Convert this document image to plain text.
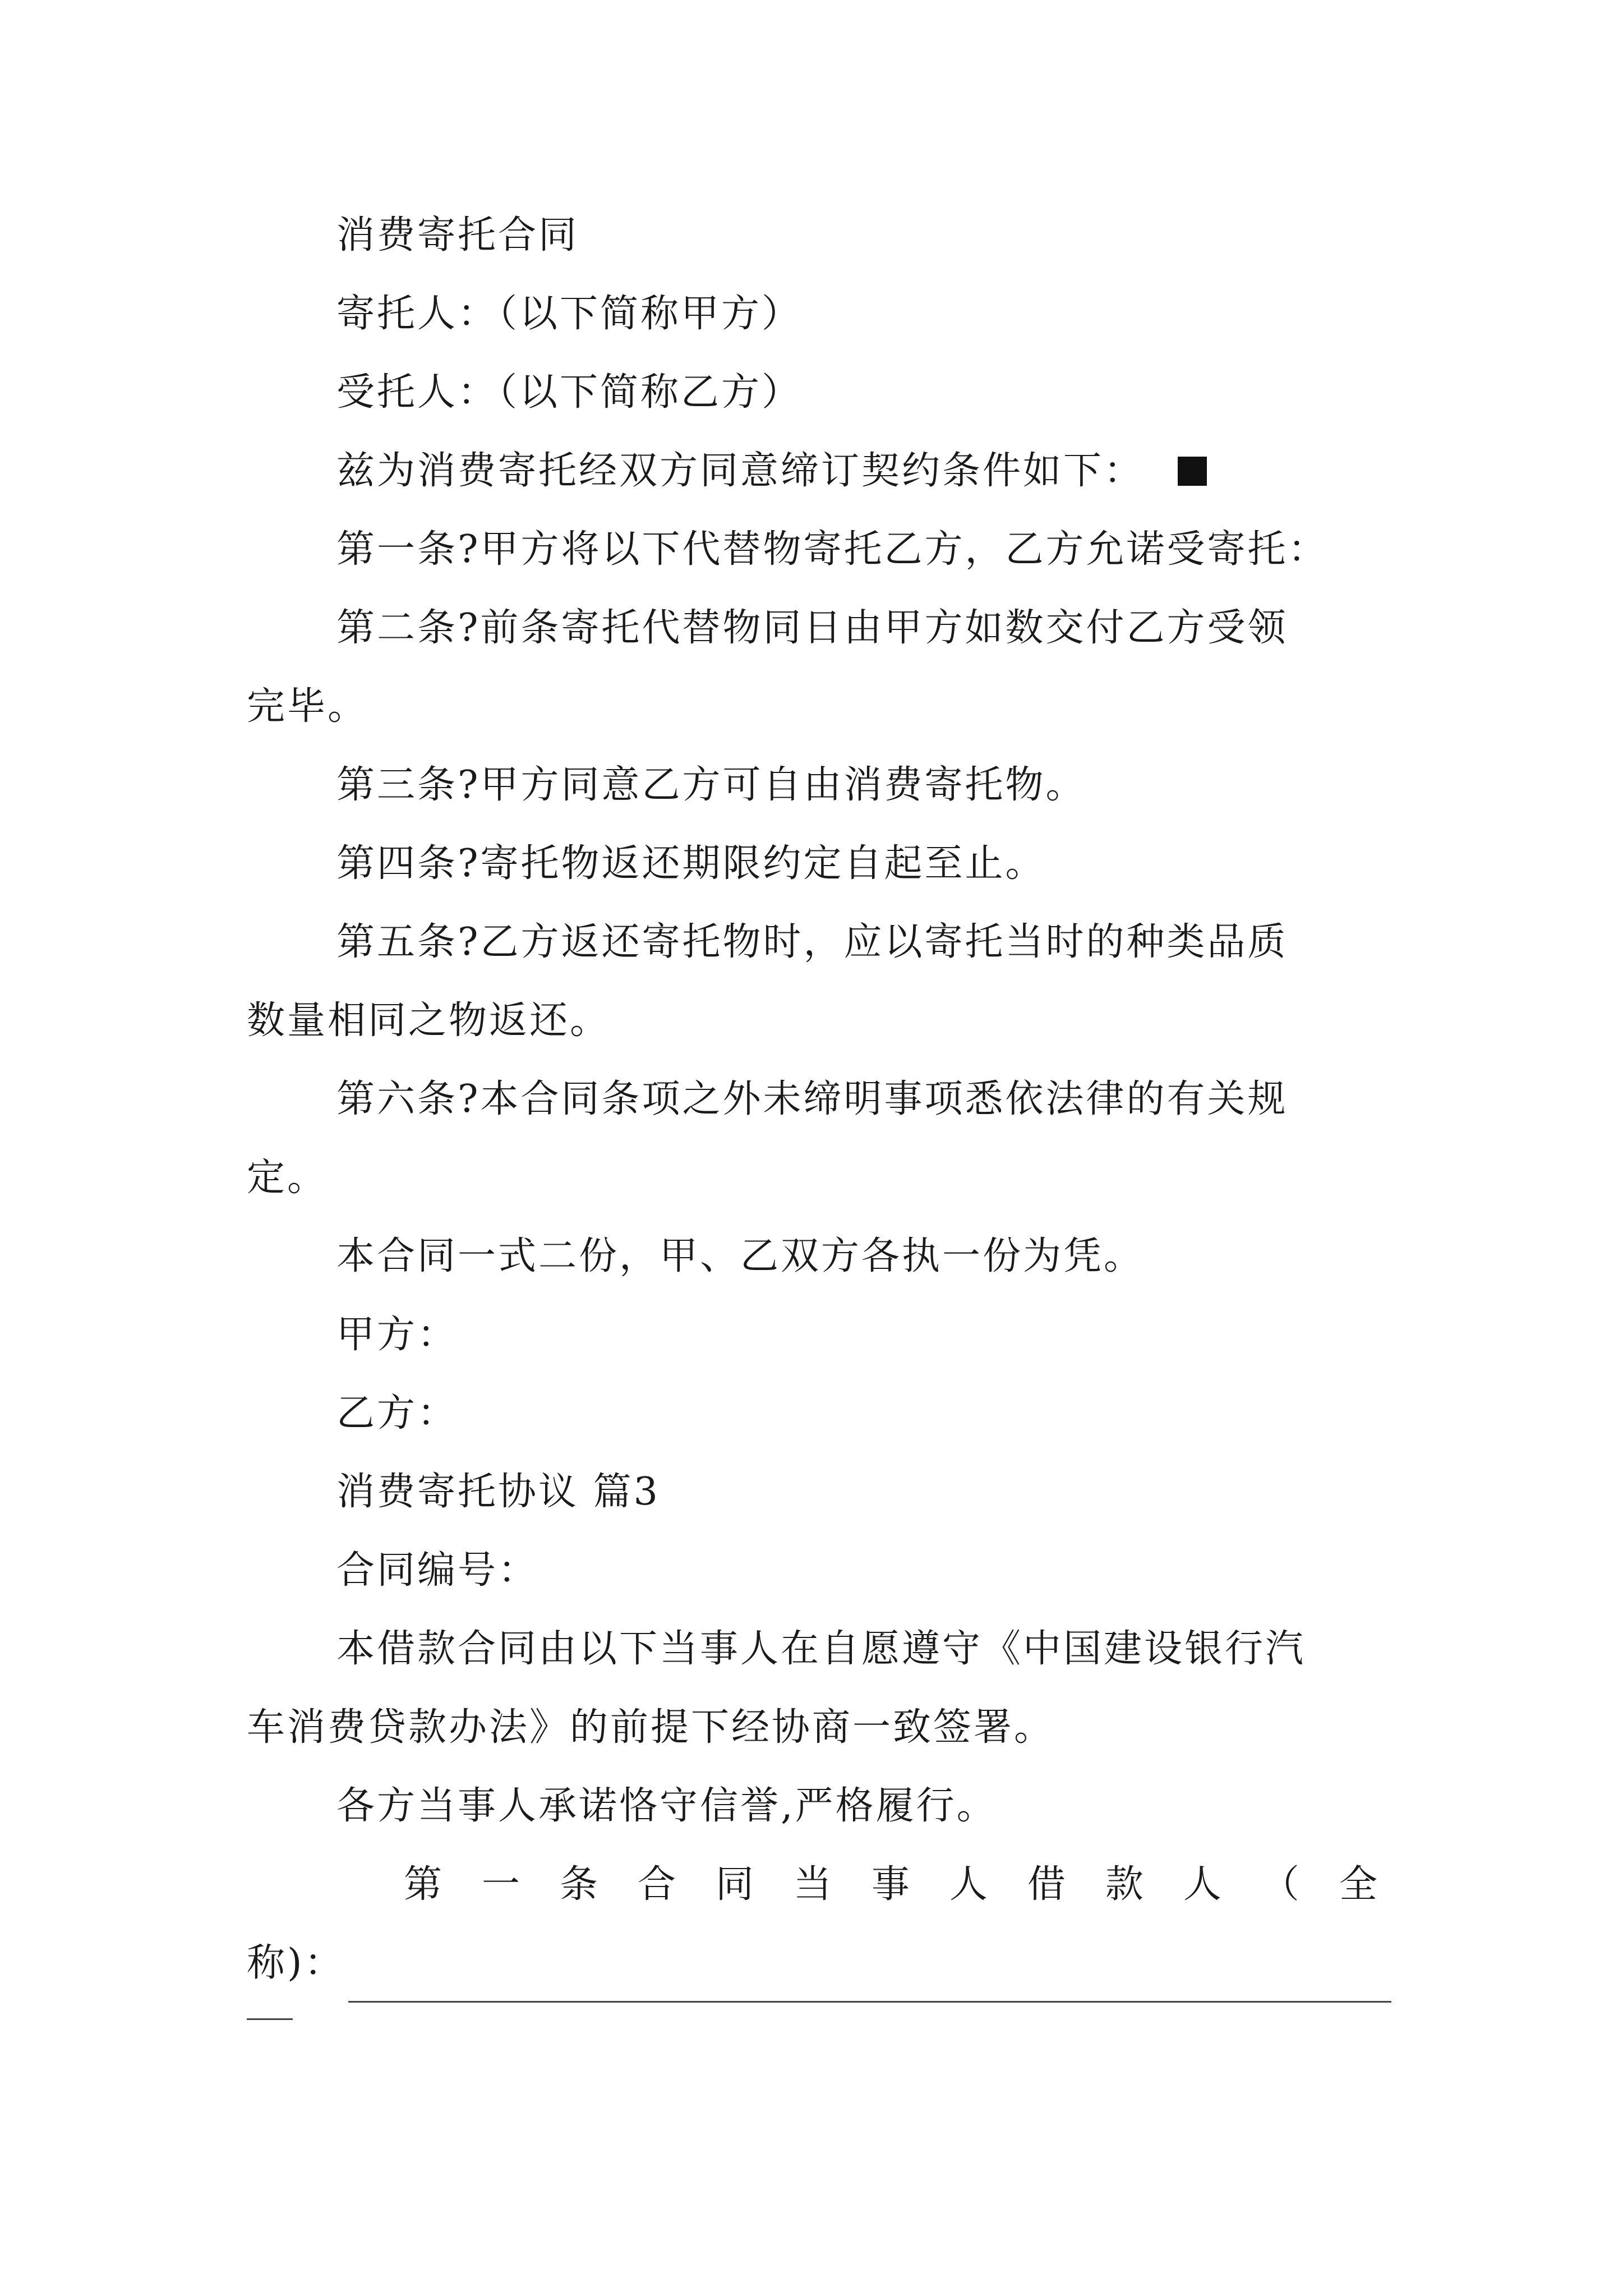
消费寄托合同
寄托人：（以下简称甲方）
受托人：（以下简称乙方）
兹为消费寄托经双方同意缔订契约条件如下：
第一条?甲方将以下代替物寄托乙方，乙方允诺受寄托：
第二条?前条寄托代替物同日由甲方如数交付乙方受领
完毕。
第三条?甲方同意乙方可自由消费寄托物。
第四条?寄托物返还期限约定自起至止。
第五条?乙方返还寄托物时，应以寄托当时的种类品质
数量相同之物返还。
第六条?本合同条项之外未缔明事项悉依法律的有关规
定。
本合同一式二份，甲、乙双方各执一份为凭。
甲方：
乙方：
消费寄托协议 篇3
合同编号：
本借款合同由以下当事人在自愿遵守《中国建设银行汽
车消费贷款办法》的前提下经协商一致签署。
各方当事人承诺恪守信誉,严格履行。
第 一 条 合 同 当 事 人 借 款 人 （ 全
称)：
